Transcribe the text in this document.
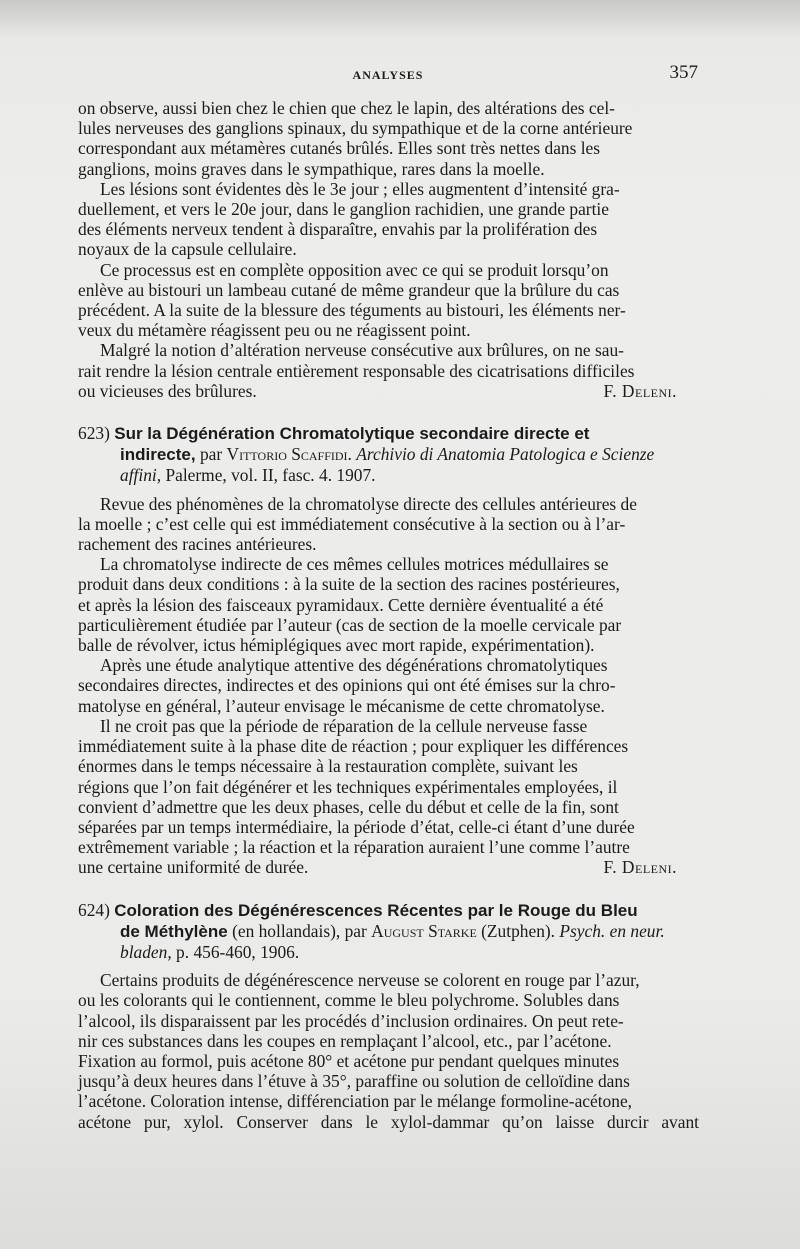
ANALYSES	357

on observe, aussi bien chez le chien que chez le lapin, des altérations des cel-

lules nerveuses des ganglions spinaux, du sympathique et de la corne antérieure

correspondant aux métamères cutanés brûlés. Elles sont très nettes dans les

ganglions, moins graves dans le sympathique, rares dans la moelle.

Les lésions sont évidentes dès le 3e jour ; elles augmentent d’intensité gra-

duellement, et vers le 20e jour, dans le ganglion rachidien, une grande partie

des éléments nerveux tendent à disparaître, envahis par la prolifération des

noyaux de la capsule cellulaire.

Ce processus est en complète opposition avec ce qui se produit lorsqu’on

enlève au bistouri un lambeau cutané de même grandeur que la brûlure du cas

précédent. A la suite de la blessure des téguments au bistouri, les éléments ner-

veux du métamère réagissent peu ou ne réagissent point.

Malgré la notion d’altération nerveuse consécutive aux brûlures, on ne sau-

rait rendre la lésion centrale entièrement responsable des cicatrisations difficiles

ou vicieuses des brûlures.	F. Deleni.

623) Sur la Dégénération Chromatolytique secondaire directe et

indirecte, par Vittorio Scaffidi. Archivio di Anatomia Patologica e Scienze

affini, Palerme, vol. II, fasc. 4. 1907.

Revue des phénomènes de la chromatolyse directe des cellules antérieures de

la moelle ; c’est celle qui est immédiatement consécutive à la section ou à l’ar-

rachement des racines antérieures.

La chromatolyse indirecte de ces mêmes cellules motrices médullaires se

produit dans deux conditions : à la suite de la section des racines postérieures,

et après la lésion des faisceaux pyramidaux. Cette dernière éventualité a été

particulièrement étudiée par l’auteur (cas de section de la moelle cervicale par

balle de révolver, ictus hémiplégiques avec mort rapide, expérimentation).

Après une étude analytique attentive des dégénérations chromatolytiques

secondaires directes, indirectes et des opinions qui ont été émises sur la chro-

matolyse en général, l’auteur envisage le mécanisme de cette chromatolyse.

Il ne croit pas que la période de réparation de la cellule nerveuse fasse

immédiatement suite à la phase dite de réaction ; pour expliquer les différences

énormes dans le temps nécessaire à la restauration complète, suivant les

régions que l’on fait dégénérer et les techniques expérimentales employées, il

convient d’admettre que les deux phases, celle du début et celle de la fin, sont

séparées par un temps intermédiaire, la période d’état, celle-ci étant d’une durée

extrêmement variable ; la réaction et la réparation auraient l’une comme l’autre

une certaine uniformité de durée.	F. Deleni.

624) Coloration des Dégénérescences Récentes par le Rouge du Bleu

de Méthylène (en hollandais), par August Starke (Zutphen). Psych. en neur.

bladen, p. 456-460, 1906.

Certains produits de dégénérescence nerveuse se colorent en rouge par l’azur,

ou les colorants qui le contiennent, comme le bleu polychrome. Solubles dans

l’alcool, ils disparaissent par les procédés d’inclusion ordinaires. On peut rete-

nir ces substances dans les coupes en remplaçant l’alcool, etc., par l’acétone.

Fixation au formol, puis acétone 80° et acétone pur pendant quelques minutes

jusqu’à deux heures dans l’étuve à 35°, paraffine ou solution de celloïdine dans

l’acétone. Coloration intense, différenciation par le mélange formoline-acétone,

acétone pur, xylol. Conserver dans le xylol-dammar qu’on laisse durcir avant
